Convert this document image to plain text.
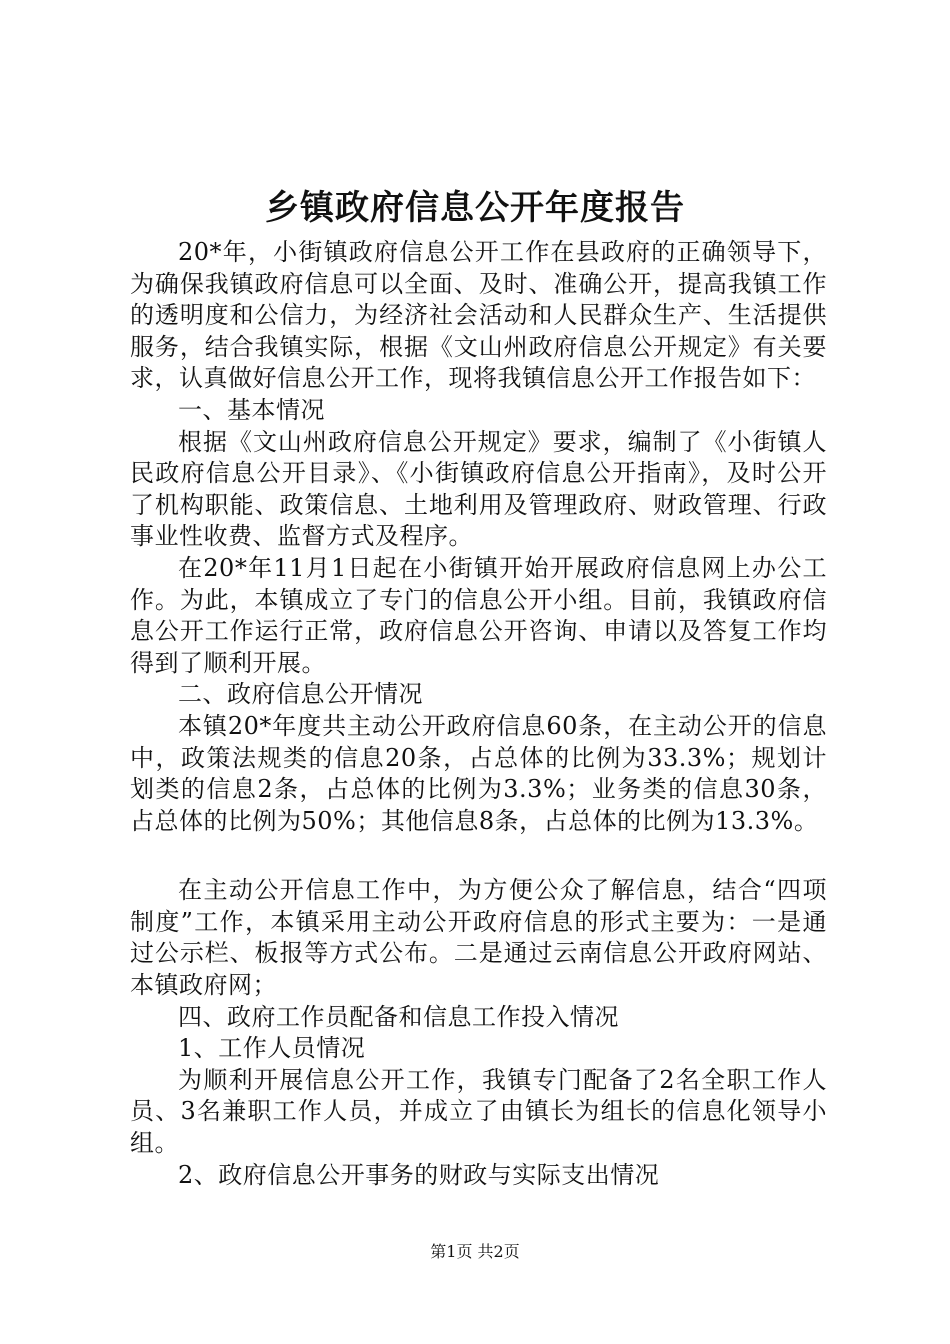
乡镇政府信息公开年度报告

20*年，小街镇政府信息公开工作在县政府的正确领导下，为确保我镇政府信息可以全面、及时、准确公开，提高我镇工作的透明度和公信力，为经济社会活动和人民群众生产、生活提供服务，结合我镇实际，根据《文山州政府信息公开规定》有关要求，认真做好信息公开工作，现将我镇信息公开工作报告如下：

一、基本情况

根据《文山州政府信息公开规定》要求，编制了《小街镇人民政府信息公开目录》、《小街镇政府信息公开指南》，及时公开了机构职能、政策信息、土地利用及管理政府、财政管理、行政事业性收费、监督方式及程序。

在20*年11月1日起在小街镇开始开展政府信息网上办公工作。为此，本镇成立了专门的信息公开小组。目前，我镇政府信息公开工作运行正常，政府信息公开咨询、申请以及答复工作均得到了顺利开展。

二、政府信息公开情况

本镇20*年度共主动公开政府信息60条，在主动公开的信息中，政策法规类的信息20条，占总体的比例为33.3%；规划计划类的信息2条，占总体的比例为3.3%；业务类的信息30条，占总体的比例为50%；其他信息8条，占总体的比例为13.3%。

在主动公开信息工作中，为方便公众了解信息，结合“四项制度”工作，本镇采用主动公开政府信息的形式主要为：一是通过公示栏、板报等方式公布。二是通过云南信息公开政府网站、本镇政府网；

四、政府工作员配备和信息工作投入情况

1、工作人员情况

为顺利开展信息公开工作，我镇专门配备了2名全职工作人员、3名兼职工作人员，并成立了由镇长为组长的信息化领导小组。

2、政府信息公开事务的财政与实际支出情况

第1页 共2页
